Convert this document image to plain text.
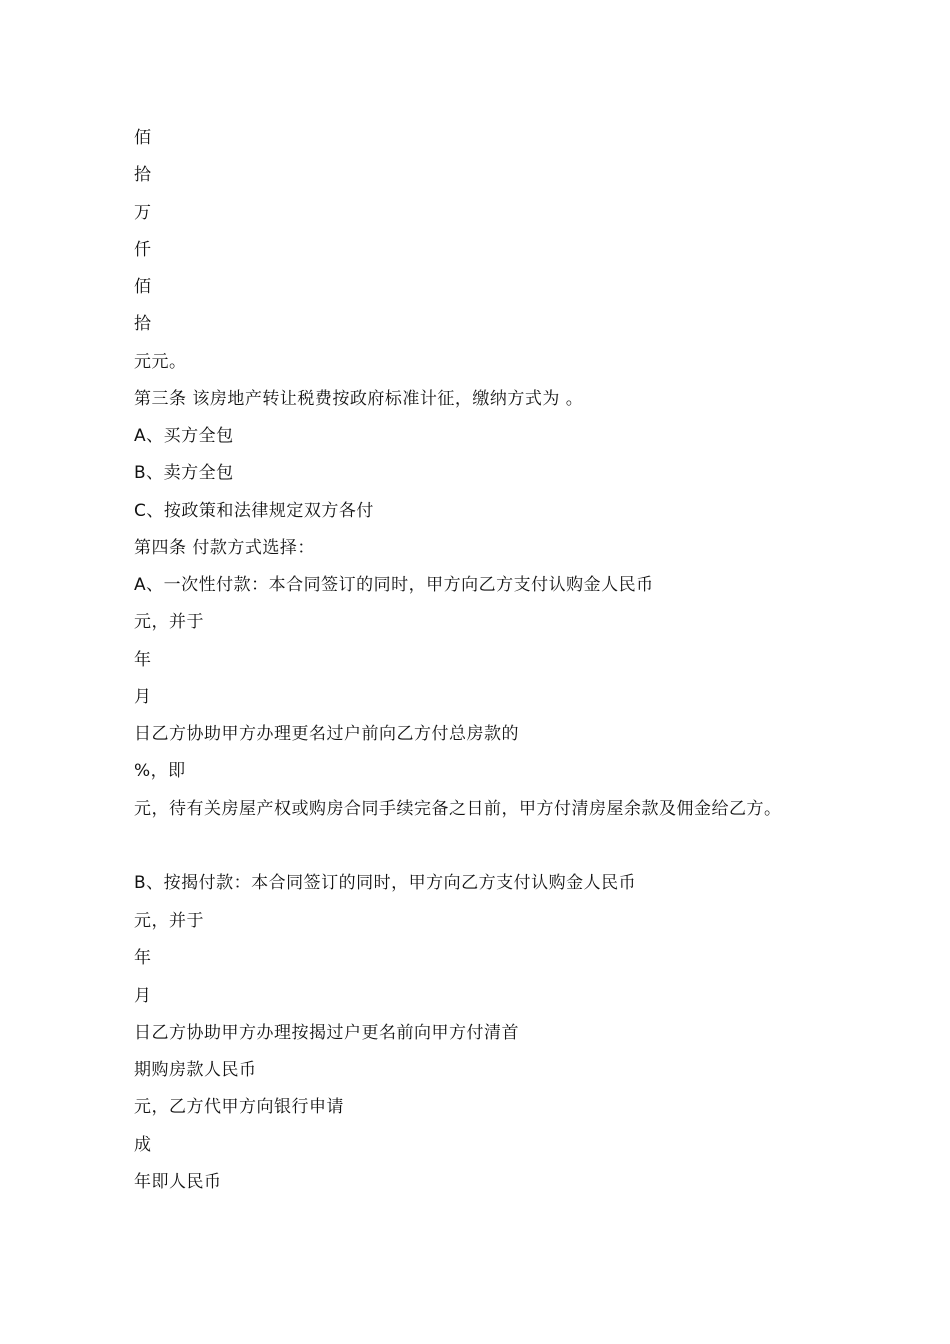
佰
拾
万
仟
佰
拾
元元。
第三条 该房地产转让税费按政府标准计征，缴纳方式为 。
A、买方全包
B、卖方全包
C、按政策和法律规定双方各付
第四条 付款方式选择：
A、一次性付款：本合同签订的同时，甲方向乙方支付认购金人民币
元，并于
年
月
日乙方协助甲方办理更名过户前向乙方付总房款的
%，即
元，待有关房屋产权或购房合同手续完备之日前，甲方付清房屋余款及佣金给乙方。
B、按揭付款：本合同签订的同时，甲方向乙方支付认购金人民币
元，并于
年
月
日乙方协助甲方办理按揭过户更名前向甲方付清首
期购房款人民币
元，乙方代甲方向银行申请
成
年即人民币
